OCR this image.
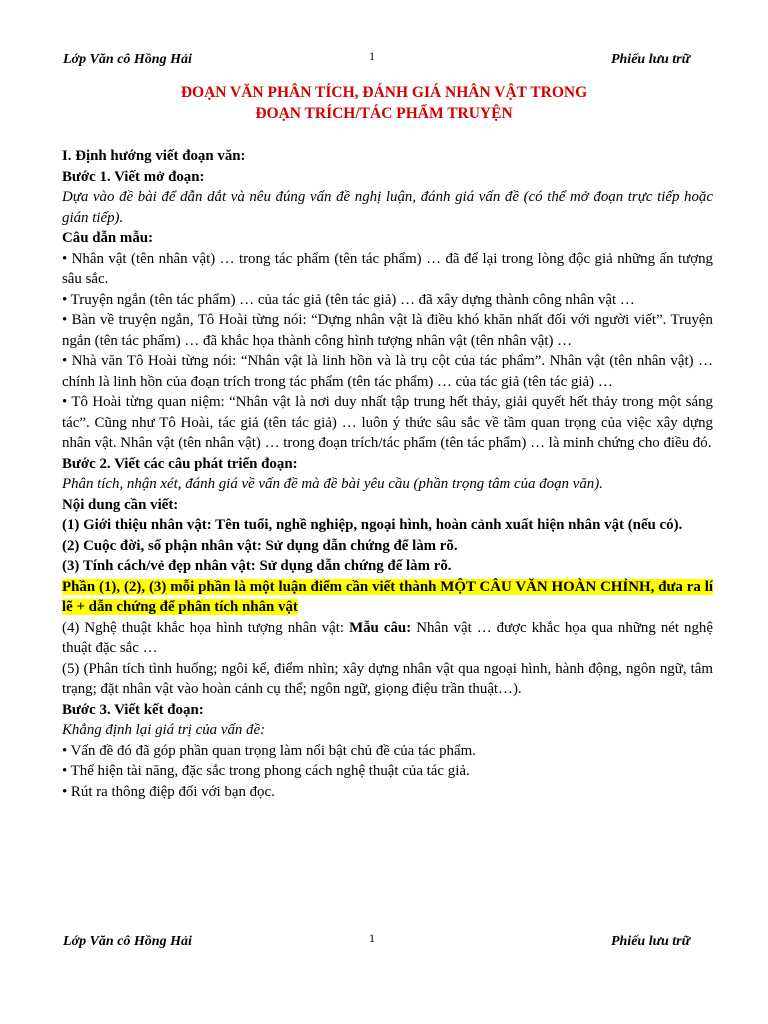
Lớp Văn cô Hồng Hải	1	Phiếu lưu trữ
ĐOẠN VĂN PHÂN TÍCH, ĐÁNH GIÁ NHÂN VẬT TRONG
ĐOẠN TRÍCH/TÁC PHẨM TRUYỆN

I. Định hướng viết đoạn văn:

Bước 1. Viết mở đoạn:

Dựa vào đề bài để dẫn dắt và nêu đúng vấn đề nghị luận, đánh giá vấn đề (có thể mở đoạn trực tiếp hoặc gián tiếp).

Câu dẫn mẫu:

• Nhân vật (tên nhân vật) … trong tác phẩm (tên tác phẩm) … đã để lại trong lòng độc giả những ấn tượng sâu sắc.

• Truyện ngắn (tên tác phẩm) … của tác giả (tên tác giả) … đã xây dựng thành công nhân vật …

• Bàn về truyện ngắn, Tô Hoài từng nói: “Dựng nhân vật là điều khó khăn nhất đối với người viết”. Truyện ngắn (tên tác phẩm) … đã khắc họa thành công hình tượng nhân vật (tên nhân vật) …

• Nhà văn Tô Hoài từng nói: “Nhân vật là linh hồn và là trụ cột của tác phẩm”. Nhân vật (tên nhân vật) … chính là linh hồn của đoạn trích trong tác phẩm (tên tác phẩm) … của tác giả (tên tác giả) …

• Tô Hoài từng quan niệm: “Nhân vật là nơi duy nhất tập trung hết thảy, giải quyết hết thảy trong một sáng tác”. Cũng như Tô Hoài, tác giả (tên tác giả) … luôn ý thức sâu sắc về tầm quan trọng của việc xây dựng nhân vật. Nhân vật (tên nhân vật) … trong đoạn trích/tác phẩm (tên tác phẩm) … là minh chứng cho điều đó.

Bước 2. Viết các câu phát triển đoạn:

Phân tích, nhận xét, đánh giá về vấn đề mà đề bài yêu cầu (phần trọng tâm của đoạn văn).

Nội dung cần viết:

(1) Giới thiệu nhân vật: Tên tuổi, nghề nghiệp, ngoại hình, hoàn cảnh xuất hiện nhân vật (nếu có).

(2) Cuộc đời, số phận nhân vật: Sử dụng dẫn chứng để làm rõ.

(3) Tính cách/vẻ đẹp nhân vật: Sử dụng dẫn chứng để làm rõ.

Phần (1), (2), (3) mỗi phần là một luận điểm cần viết thành MỘT CÂU VĂN HOÀN CHỈNH, đưa ra lí lẽ + dẫn chứng để phân tích nhân vật

(4) Nghệ thuật khắc họa hình tượng nhân vật: Mẫu câu: Nhân vật … được khắc họa qua những nét nghệ thuật đặc sắc …

(5) (Phân tích tình huống; ngôi kể, điểm nhìn; xây dựng nhân vật qua ngoại hình, hành động, ngôn ngữ, tâm trạng; đặt nhân vật vào hoàn cảnh cụ thể; ngôn ngữ, giọng điệu trần thuật…).

Bước 3. Viết kết đoạn:

Khẳng định lại giá trị của vấn đề:

• Vấn đề đó đã góp phần quan trọng làm nổi bật chủ đề của tác phẩm.

• Thể hiện tài năng, đặc sắc trong phong cách nghệ thuật của tác giả.

• Rút ra thông điệp đối với bạn đọc.

Lớp Văn cô Hồng Hải	1	Phiếu lưu trữ
